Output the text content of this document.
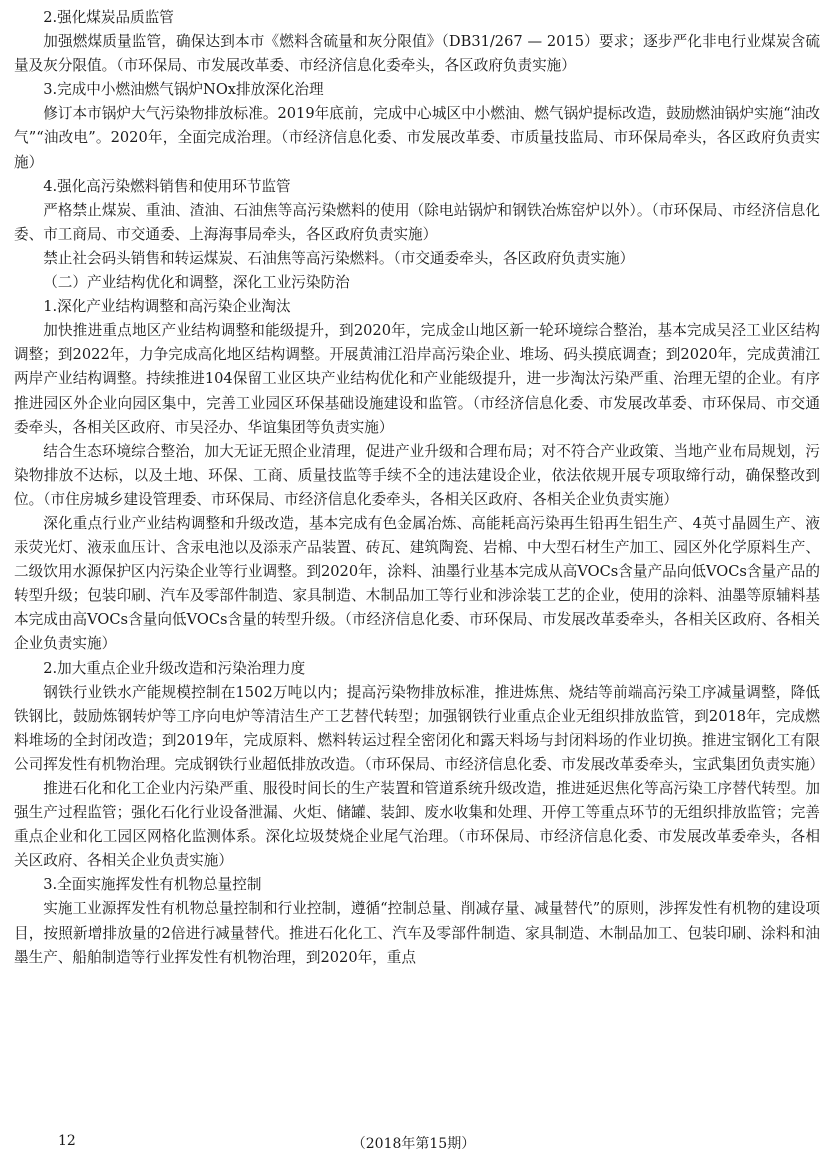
2.强化煤炭品质监管

加强燃煤质量监管，确保达到本市《燃料含硫量和灰分限值》（DB31/267 — 2015）要求；逐步严化非电行业煤炭含硫量及灰分限值。（市环保局、市发展改革委、市经济信息化委牵头，各区政府负责实施）

3.完成中小燃油燃气锅炉NOx排放深化治理

修订本市锅炉大气污染物排放标准。2019年底前，完成中心城区中小燃油、燃气锅炉提标改造，鼓励燃油锅炉实施“油改气”“油改电”。2020年，全面完成治理。（市经济信息化委、市发展改革委、市质量技监局、市环保局牵头，各区政府负责实施）

4.强化高污染燃料销售和使用环节监管

严格禁止煤炭、重油、渣油、石油焦等高污染燃料的使用（除电站锅炉和钢铁冶炼窑炉以外）。（市环保局、市经济信息化委、市工商局、市交通委、上海海事局牵头，各区政府负责实施）

禁止社会码头销售和转运煤炭、石油焦等高污染燃料。（市交通委牵头，各区政府负责实施）

（二）产业结构优化和调整，深化工业污染防治

1.深化产业结构调整和高污染企业淘汰

加快推进重点地区产业结构调整和能级提升，到2020年，完成金山地区新一轮环境综合整治，基本完成吴泾工业区结构调整；到2022年，力争完成高化地区结构调整。开展黄浦江沿岸高污染企业、堆场、码头摸底调查；到2020年，完成黄浦江两岸产业结构调整。持续推进104保留工业区块产业结构优化和产业能级提升，进一步淘汰污染严重、治理无望的企业。有序推进园区外企业向园区集中，完善工业园区环保基础设施建设和监管。（市经济信息化委、市发展改革委、市环保局、市交通委牵头，各相关区政府、市吴泾办、华谊集团等负责实施）

结合生态环境综合整治，加大无证无照企业清理，促进产业升级和合理布局；对不符合产业政策、当地产业布局规划，污染物排放不达标，以及土地、环保、工商、质量技监等手续不全的违法建设企业，依法依规开展专项取缔行动，确保整改到位。（市住房城乡建设管理委、市环保局、市经济信息化委牵头，各相关区政府、各相关企业负责实施）

深化重点行业产业结构调整和升级改造，基本完成有色金属冶炼、高能耗高污染再生铅再生铝生产、4英寸晶圆生产、液汞荧光灯、液汞血压计、含汞电池以及添汞产品装置、砖瓦、建筑陶瓷、岩棉、中大型石材生产加工、园区外化学原料生产、二级饮用水源保护区内污染企业等行业调整。到2020年，涂料、油墨行业基本完成从高VOCs含量产品向低VOCs含量产品的转型升级；包装印刷、汽车及零部件制造、家具制造、木制品加工等行业和涉涂装工艺的企业，使用的涂料、油墨等原辅料基本完成由高VOCs含量向低VOCs含量的转型升级。（市经济信息化委、市环保局、市发展改革委牵头，各相关区政府、各相关企业负责实施）

2.加大重点企业升级改造和污染治理力度

钢铁行业铁水产能规模控制在1502万吨以内；提高污染物排放标准，推进炼焦、烧结等前端高污染工序减量调整，降低铁钢比，鼓励炼钢转炉等工序向电炉等清洁生产工艺替代转型；加强钢铁行业重点企业无组织排放监管，到2018年，完成燃料堆场的全封闭改造；到2019年，完成原料、燃料转运过程全密闭化和露天料场与封闭料场的作业切换。推进宝钢化工有限公司挥发性有机物治理。完成钢铁行业超低排放改造。（市环保局、市经济信息化委、市发展改革委牵头，宝武集团负责实施）

推进石化和化工企业内污染严重、服役时间长的生产装置和管道系统升级改造，推进延迟焦化等高污染工序替代转型。加强生产过程监管；强化石化行业设备泄漏、火炬、储罐、装卸、废水收集和处理、开停工等重点环节的无组织排放监管；完善重点企业和化工园区网格化监测体系。深化垃圾焚烧企业尾气治理。（市环保局、市经济信息化委、市发展改革委牵头，各相关区政府、各相关企业负责实施）

3.全面实施挥发性有机物总量控制

实施工业源挥发性有机物总量控制和行业控制，遵循“控制总量、削减存量、减量替代”的原则，涉挥发性有机物的建设项目，按照新增排放量的2倍进行减量替代。推进石化化工、汽车及零部件制造、家具制造、木制品加工、包装印刷、涂料和油墨生产、船舶制造等行业挥发性有机物治理，到2020年，重点

12	（2018年第15期）
